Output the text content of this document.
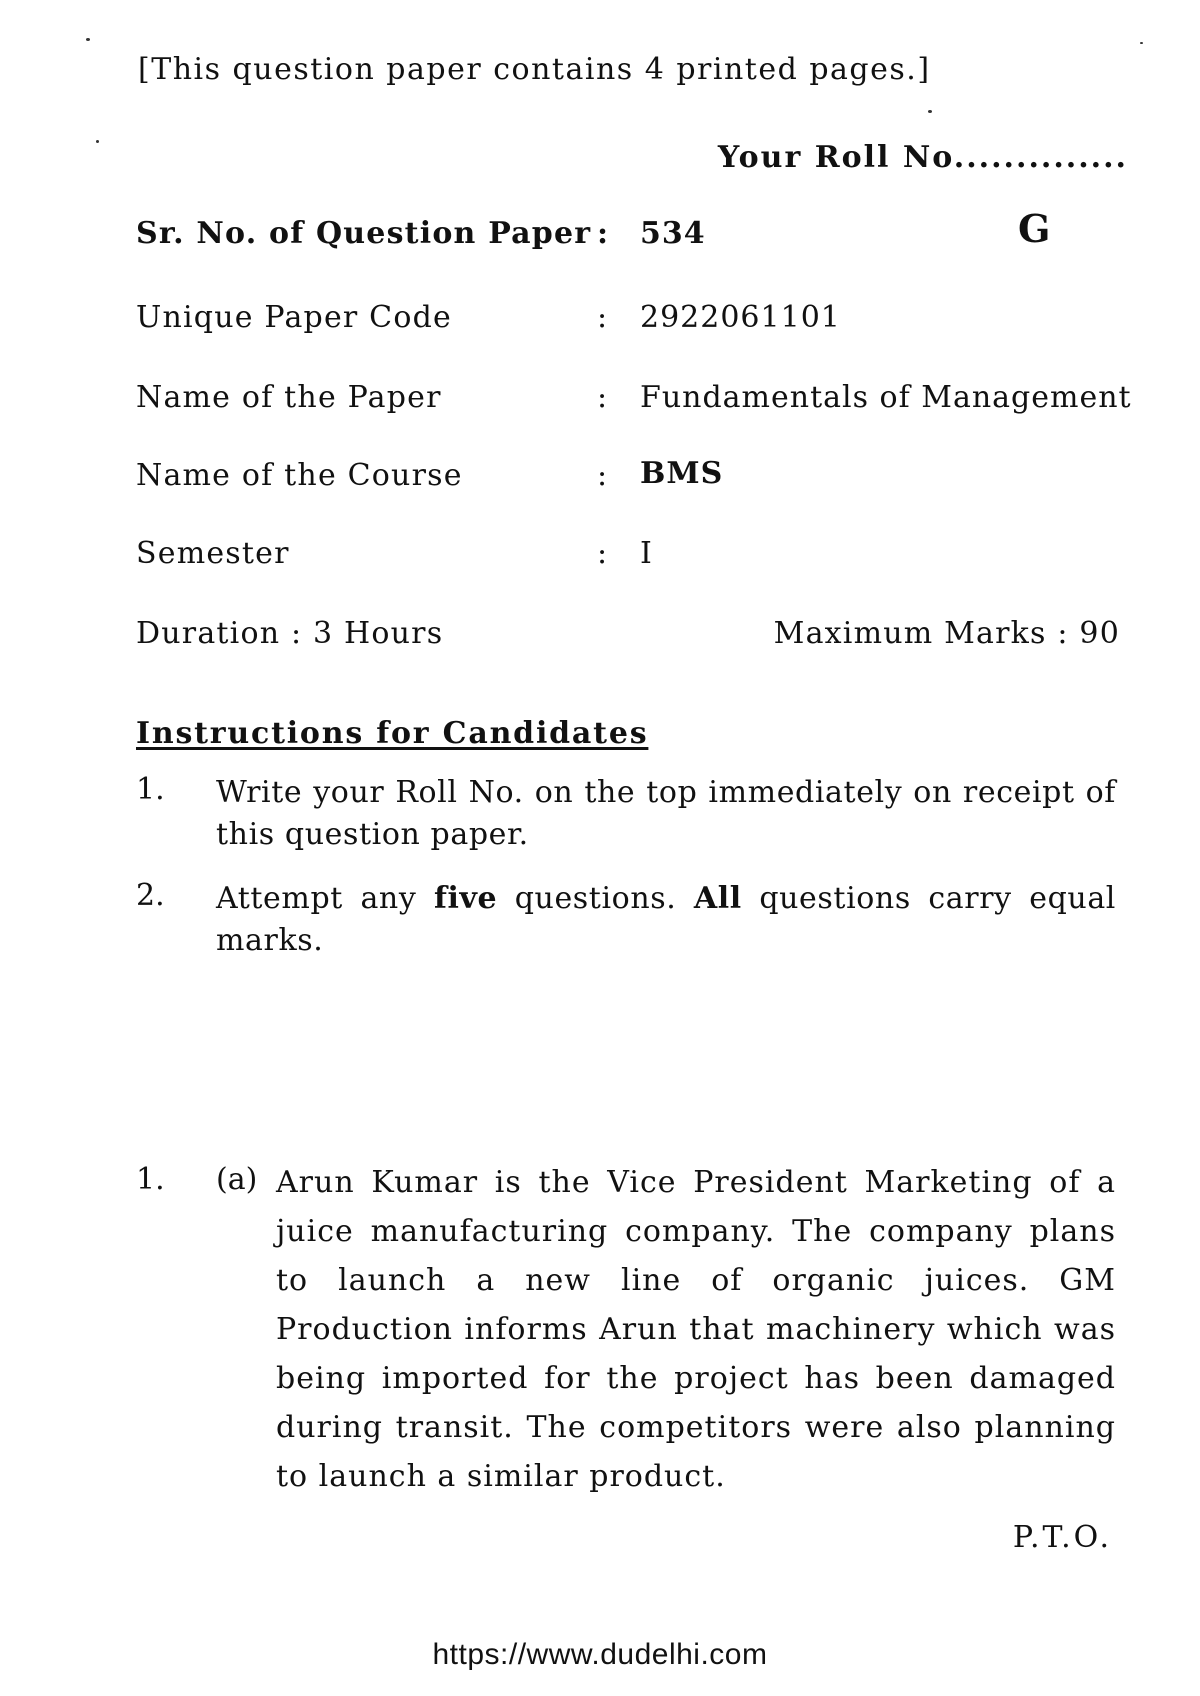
[This question paper contains 4 printed pages.]
Your Roll No..............
Sr. No. of Question Paper : 534	G
Unique Paper Code	: 2922061101
Name of the Paper	: Fundamentals of Management
Name of the Course	: BMS
Semester	: I
Duration : 3 Hours	Maximum Marks : 90
Instructions for Candidates
1. Write your Roll No. on the top immediately on receipt of this question paper.
2. Attempt any five questions. All questions carry equal marks.
1. (a) Arun Kumar is the Vice President Marketing of a juice manufacturing company. The company plans to launch a new line of organic juices. GM Production informs Arun that machinery which was being imported for the project has been damaged during transit. The competitors were also planning to launch a similar product.
P.T.O.
https://www.dudelhi.com
